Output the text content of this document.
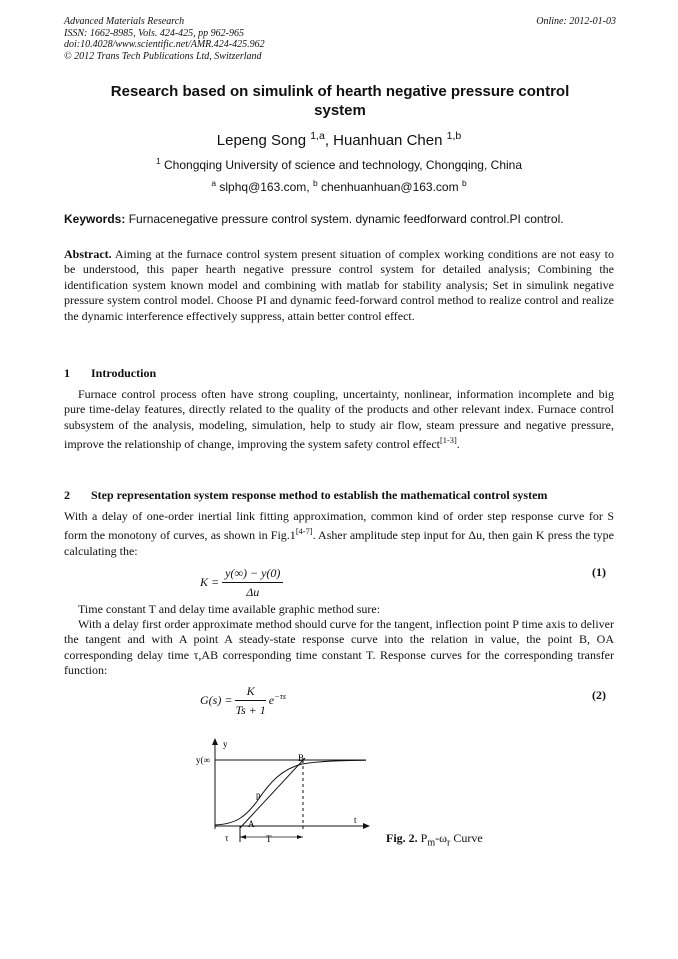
Advanced Materials Research
ISSN: 1662-8985, Vols. 424-425, pp 962-965
doi:10.4028/www.scientific.net/AMR.424-425.962
© 2012 Trans Tech Publications Ltd, Switzerland
Online: 2012-01-03
Research based on simulink of hearth negative pressure control system
Lepeng Song $^{1,a}$, Huanhuan Chen $^{1,b}$
$^1$ Chongqing University of science and technology, Chongqing, China
$^a$ slphq@163.com, $^b$ chenhuanhuan@163.com $^b$
Keywords: Furnacenegative pressure control system. dynamic feedforward control.PI control.
Abstract. Aiming at the furnace control system present situation of complex working conditions are not easy to be understood, this paper hearth negative pressure control system for detailed analysis; Combining the identification system known model and combining with matlab for stability analysis; Set in simulink negative pressure system control model. Choose PI and dynamic feed-forward control method to realize control and realize the dynamic interference effectively suppress, attain better control effect.
1 Introduction
Furnace control process often have strong coupling, uncertainty, nonlinear, information incomplete and big pure time-delay features, directly related to the quality of the products and other relevant index. Furnace control subsystem of the analysis, modeling, simulation, help to study air flow, steam pressure and negative pressure, improve the relationship of change, improving the system safety control effect[1-3].
2 Step representation system response method to establish the mathematical control system
With a delay of one-order inertial link fitting approximation, common kind of order step response curve for S form the monotony of curves, as shown in Fig.1[4-7]. Asher amplitude step input for Δu, then gain K press the type calculating the:
$K = \frac{y(\infty) - y(0)}{\Delta u}$	(1)
Time constant T and delay time available graphic method sure:
With a delay first order approximate method should curve for the tangent, inflection point P time axis to deliver the tangent and with A point A steady-state response curve into the relation in value, the point B, OA corresponding delay time τ,AB corresponding time constant T. Response curves for the corresponding transfer function:
$G(s) = \frac{K}{Ts + 1} e^{-\tau s}$	(2)
y
y(∞
t
B
p
A
τ	T	Fig. 2. $P_m-\omega_r$ Curve
